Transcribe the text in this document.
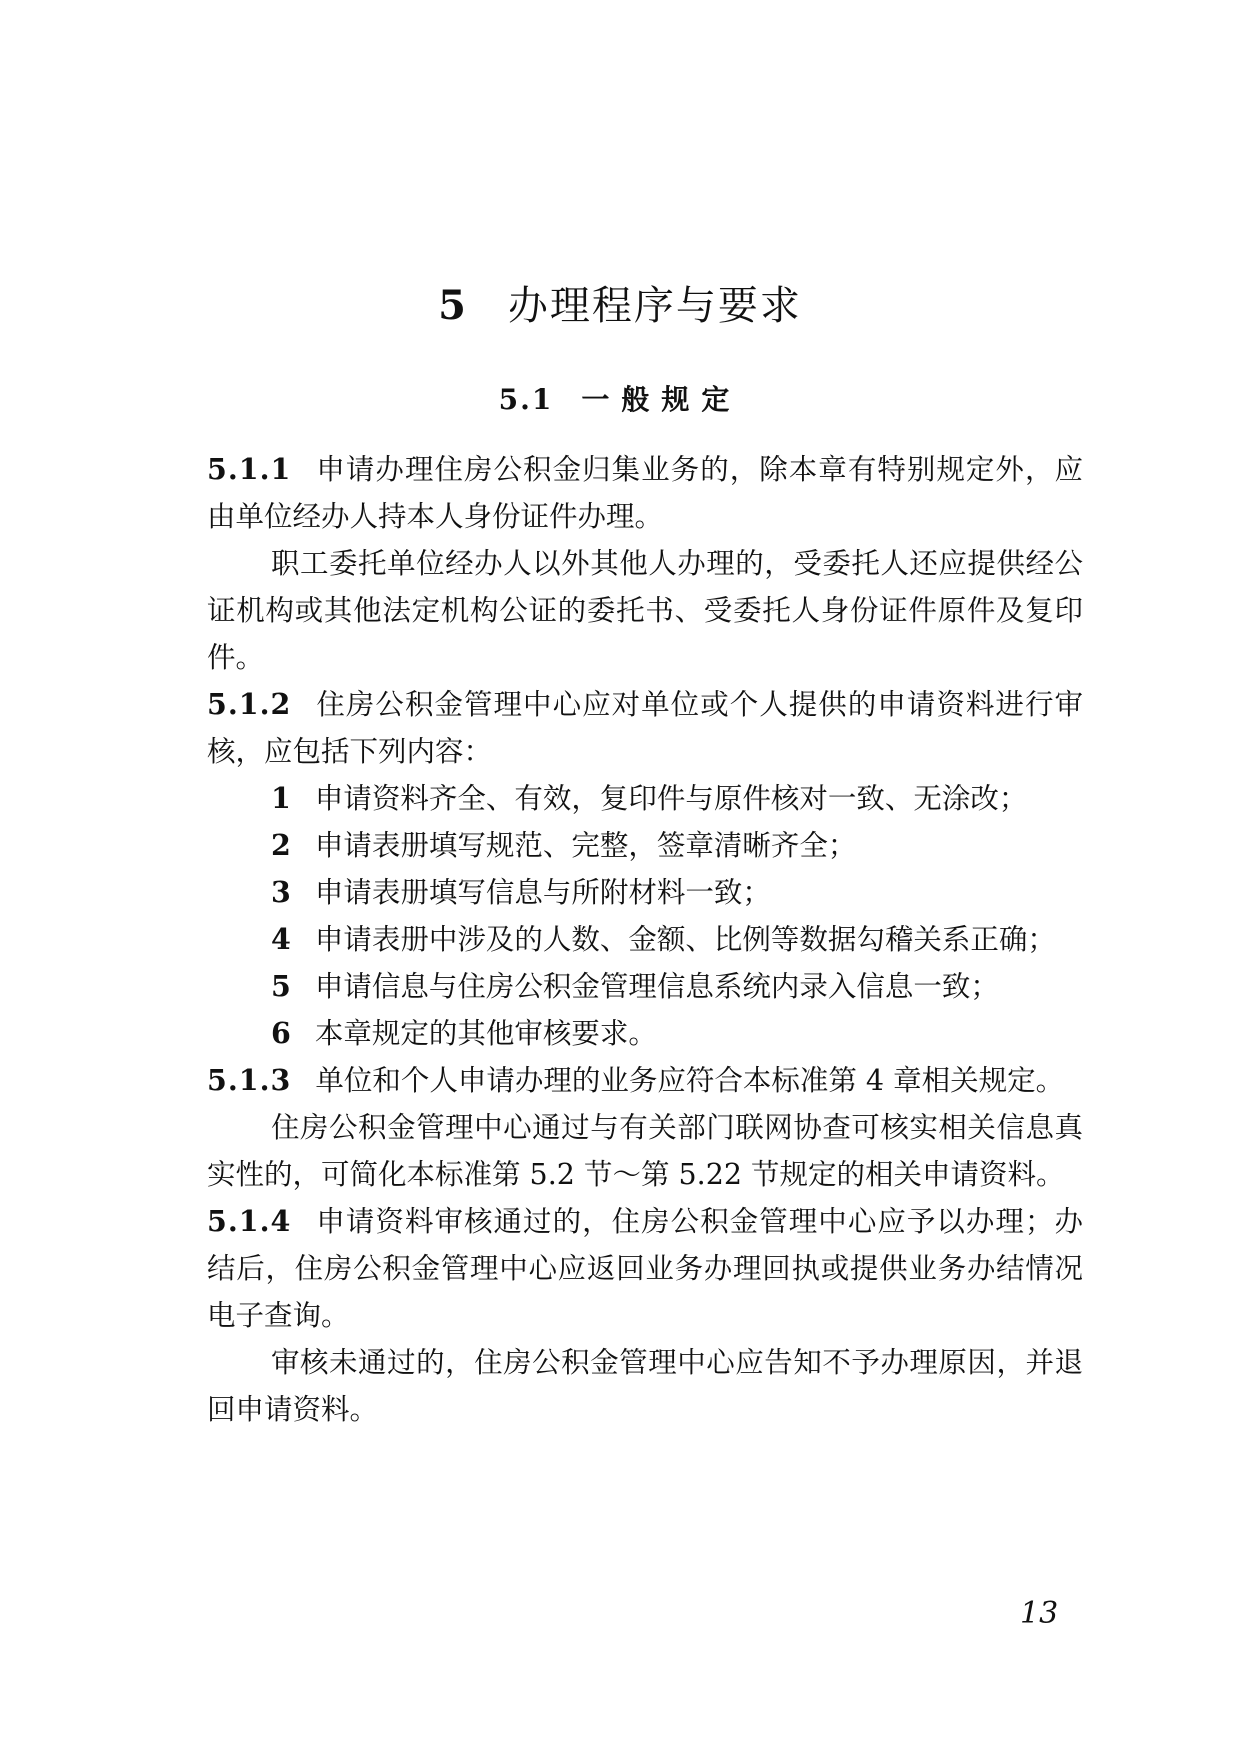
5 办理程序与要求
5.1 一般规定

5.1.1 申请办理住房公积金归集业务的，除本章有特别规定外，应由单位经办人持本人身份证件办理。

职工委托单位经办人以外其他人办理的，受委托人还应提供经公证机构或其他法定机构公证的委托书、受委托人身份证件原件及复印件。

5.1.2 住房公积金管理中心应对单位或个人提供的申请资料进行审核，应包括下列内容：

1 申请资料齐全、有效，复印件与原件核对一致、无涂改；

2 申请表册填写规范、完整，签章清晰齐全；

3 申请表册填写信息与所附材料一致；

4 申请表册中涉及的人数、金额、比例等数据勾稽关系正确；

5 申请信息与住房公积金管理信息系统内录入信息一致；

6 本章规定的其他审核要求。

5.1.3 单位和个人申请办理的业务应符合本标准第 4 章相关规定。

住房公积金管理中心通过与有关部门联网协查可核实相关信息真实性的，可简化本标准第 5.2 节～第 5.22 节规定的相关申请资料。

5.1.4 申请资料审核通过的，住房公积金管理中心应予以办理；办结后，住房公积金管理中心应返回业务办理回执或提供业务办结情况电子查询。

审核未通过的，住房公积金管理中心应告知不予办理原因，并退回申请资料。

13
